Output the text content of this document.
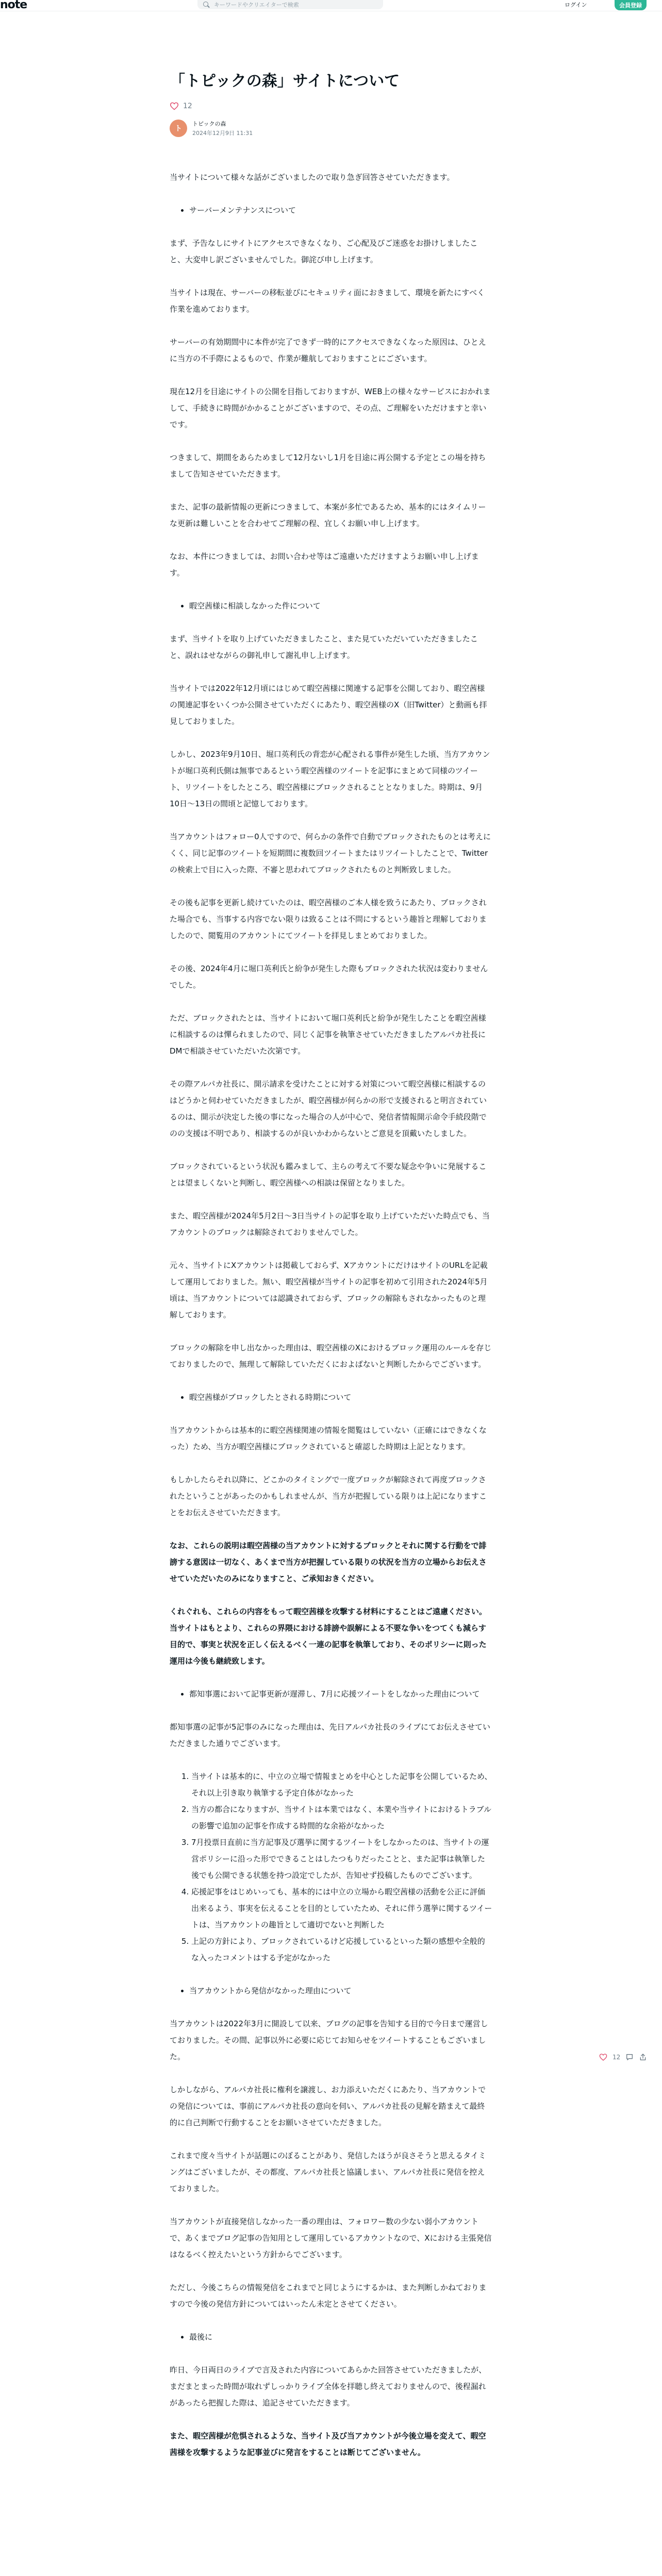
note
キーワードやクリエイターで検索	ログイン	会員登録
「トピックの森」サイトについて
12
ト
トピックの森
2024年12月9日 11:31

当サイトについて様々な話がございましたので取り急ぎ回答させていただきます。

• サーバーメンテナンスについて

まず、予告なしにサイトにアクセスできなくなり、ご心配及びご迷惑をお掛けしましたこと、大変申し訳ございませんでした。御詫び申し上げます。

当サイトは現在、サーバーの移転並びにセキュリティ面におきまして、環境を新たにすべく作業を進めております。

サーバーの有効期間中に本件が完了できず一時的にアクセスできなくなった原因は、ひとえに当方の不手際によるもので、作業が難航しておりますことにございます。

現在12月を目途にサイトの公開を目指しておりますが、WEB上の様々なサービスにおかれまして、手続きに時間がかかることがございますので、その点、ご理解をいただけますと幸いです。

つきまして、期間をあらためまして12月ないし1月を目途に再公開する予定とこの場を持ちまして告知させていただきます。

また、記事の最新情報の更新につきまして、本案が多忙であるため、基本的にはタイムリーな更新は難しいことを合わせてご理解の程、宜しくお願い申し上げます。

なお、本件につきましては、お問い合わせ等はご遠慮いただけますようお願い申し上げます。

• 暇空茜様に相談しなかった件について

まず、当サイトを取り上げていただきましたこと、また見ていただいていただきましたこと、誤れはせながらの御礼申して謝礼申し上げます。

当サイトでは2022年12月頃にはじめて暇空茜様に関連する記事を公開しており、暇空茜様の関連記事をいくつか公開させていただくにあたり、暇空茜様のX（旧Twitter）と動画も拝見しておりました。

しかし、2023年9月10日、堀口英利氏の背恋が心配される事件が発生した頃、当方アカウントが堀口英利氏側は無事であるという暇空茜様のツイートを記事にまとめて同様のツイート、リツイートをしたところ、暇空茜様にブロックされることとなりました。時期は、9月10日〜13日の間頃と記憶しております。

当アカウントはフォロー0人ですので、何らかの条件で自動でブロックされたものとは考えにくく、同じ記事のツイートを短期間に複数回ツイートまたはリツイートしたことで、Twitterの検索上で目に入った際、不審と思われてブロックされたものと判断致しました。

その後も記事を更新し続けていたのは、暇空茜様のご本人様を致うにあたり、ブロックされた場合でも、当事する内容でない限りは致ることは不問にするという趣旨と理解しておりましたので、閲覧用のアカウントにてツイートを拝見しまとめておりました。

その後、2024年4月に堀口英利氏と紛争が発生した際もブロックされた状況は変わりませんでした。

ただ、ブロックされたとは、当サイトにおいて堀口英利氏と紛争が発生したことを暇空茜様に相談するのは憚られましたので、同じく記事を執筆させていただきましたアルパカ社長にDMで相談させていただいた次第です。

その際アルパカ社長に、開示請求を受けたことに対する対策について暇空茜様に相談するのはどうかと伺わせていただきましたが、暇空茜様が何らかの形で支援されると明言されているのは、開示が決定した後の事になった場合の人が中心で、発信者情報開示命令手続段階でのの支援は不明であり、相談するのが良いかわからないとご意見を頂戴いたしました。

ブロックされているという状況も鑑みまして、主らの考えて不要な疑念や争いに発展することは望ましくないと判断し、暇空茜様への相談は保留となりました。

また、暇空茜様が2024年5月2日〜3日当サイトの記事を取り上げていただいた時点でも、当アカウントのブロックは解除されておりませんでした。

元々、当サイトにXアカウントは掲載しておらず、XアカウントにだけはサイトのURLを記載して運用しておりました。無い、暇空茜様が当サイトの記事を初めて引用された2024年5月頃は、当アカウントについては認識されておらず、ブロックの解除もされなかったものと理解しております。

ブロックの解除を申し出なかった理由は、暇空茜様のXにおけるブロック運用のルールを存じておりましたので、無理して解除していただくにおよばないと判断したからでございます。

• 暇空茜様がブロックしたとされる時期について

当アカウントからは基本的に暇空茜様関連の情報を閲覧はしていない（正確にはできなくなった）ため、当方が暇空茜様にブロックされていると確認した時期は上記となります。

もしかしたらそれ以降に、どこかのタイミングで一度ブロックが解除されて再度ブロックされたということがあったのかもしれませんが、当方が把握している限りは上記になりますことをお伝えさせていただきます。

なお、これらの説明は暇空茜様の当アカウントに対するブロックとそれに関する行動をで誹謗する意図は一切なく、あくまで当方が把握している限りの状況を当方の立場からお伝えさせていただいたのみになりますこと、ご承知おきください。

くれぐれも、これらの内容をもって暇空茜様を攻撃する材料にすることはご遠慮ください。当サイトはもとより、これらの界隈における誹謗や誤解による不要な争いをつてくも減らす目的で、事実と状況を正しく伝えるべく一連の記事を執筆しており、そのポリシーに則った運用は今後も継続致します。

• 都知事選において記事更新が遅滞し、7月に応援ツイートをしなかった理由について

都知事選の記事が5記事のみになった理由は、先日アルパカ社長のライブにてお伝えさせていただきました通りでございます。

1. 当サイトは基本的に、中立の立場で情報まとめを中心とした記事を公開しているため、それ以上引き取り執筆する予定自体がなかった
2. 当方の都合になりますが、当サイトは本業ではなく、本業や当サイトにおけるトラブルの影響で追加の記事を作成する時間的な余裕がなかった
3. 7月投票日直前に当方記事及び選挙に関するツイートをしなかったのは、当サイトの運営ポリシーに沿った形でできることはしたつもりだったことと、また記事は執筆した後でも公開できる状態を持つ設定でしたが、告知せず投稿したものでございます。
4. 応援記事をはじめいっても、基本的には中立の立場から暇空茜様の活動を公正に評価出来るよう、事実を伝えることを目的としていたため、それに伴う選挙に関するツイートは、当アカウントの趣旨として適切でないと判断した
5. 上記の方針により、ブロックされているけど応援しているといった類の感想や全般的な入ったコメントはする予定がなかった
• 当アカウントから発信がなかった理由について

当アカウントは2022年3月に開設して以来、ブログの記事を告知する目的で今日まで運営しておりました。その間、記事以外に必要に応じてお知らせをツイートすることもございました。

しかしながら、アルパカ社長に権利を譲渡し、お力添えいただくにあたり、当アカウントでの発信については、事前にアルパカ社長の意向を伺い、アルパカ社長の見解を踏まえて最終的に自己判断で行動することをお願いさせていただきました。

これまで度々当サイトが話題にのぼることがあり、発信したほうが良さそうと思えるタイミングはございましたが、その都度、アルパカ社長と協議しまい、アルパカ社長に発信を控えておりました。

当アカウントが直接発信しなかった一番の理由は、フォロワー数の少ない弱小アカウントで、あくまでブログ記事の告知用として運用しているアカウントなので、Xにおける主張発信はなるべく控えたいという方針からでございます。

ただし、今後こちらの情報発信をこれまでと同じようにするかは、また判断しかねておりますので今後の発信方針についてはいったん未定とさせてください。

• 最後に

昨日、今日両日のライブで言及された内容についてあらかた回答させていただきましたが、まだまとまった時間が取れずしっかりライブ全体を拝聴し終えておりませんので、後程漏れがあったら把握した際は、追記させていただきます。

また、暇空茜様が危惧されるような、当サイト及び当アカウントが今後立場を変えて、暇空茜様を攻撃するような記事並びに発言をすることは断じてございません。

12
